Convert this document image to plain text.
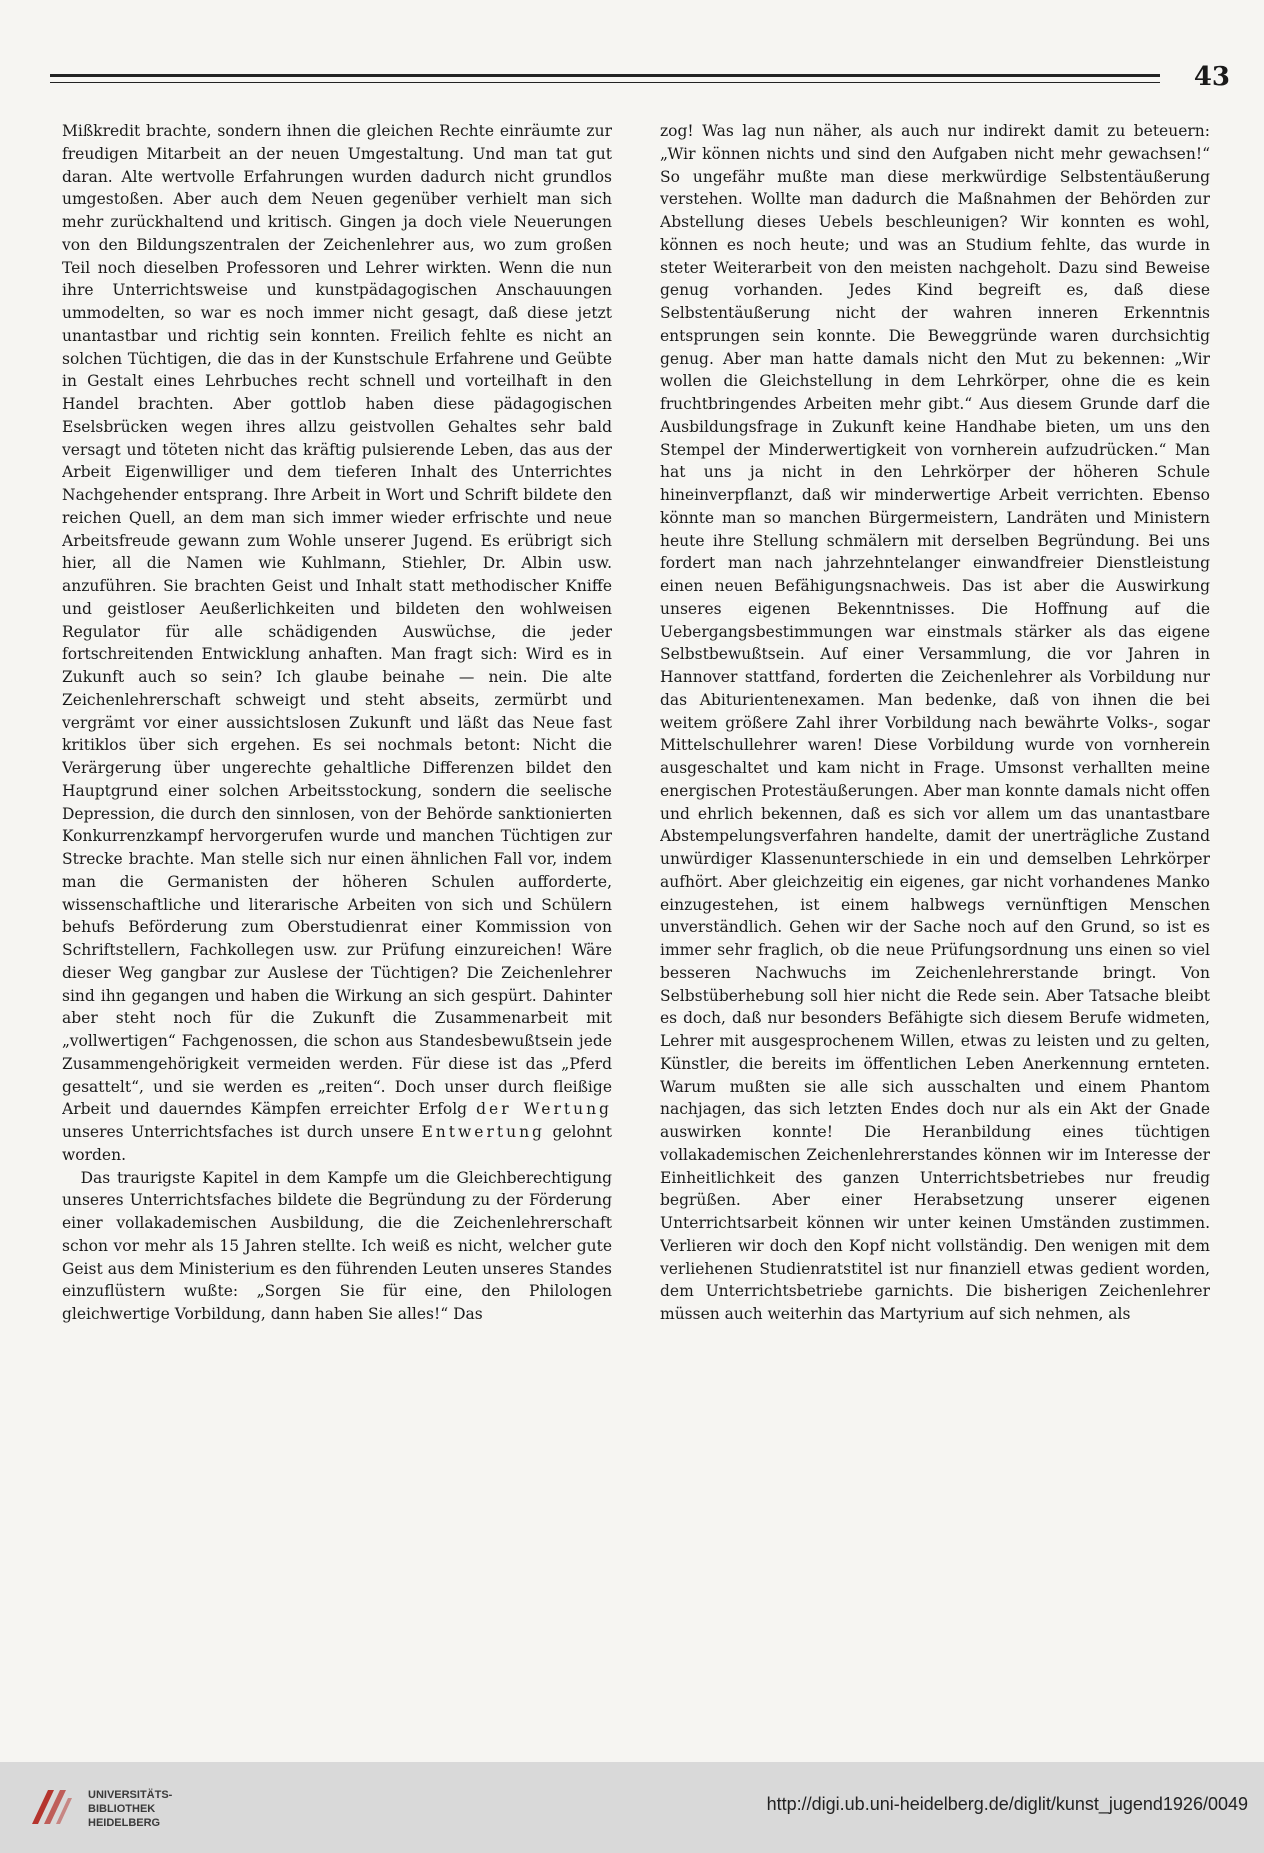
43

Mißkredit brachte, sondern ihnen die gleichen Rechte einräumte zur freudigen Mitarbeit an der neuen Umgestaltung. Und man tat gut daran. Alte wertvolle Erfahrungen wurden dadurch nicht grundlos umgestoßen. Aber auch dem Neuen gegenüber verhielt man sich mehr zurückhaltend und kritisch. Gingen ja doch viele Neuerungen von den Bildungszentralen der Zeichenlehrer aus, wo zum großen Teil noch dieselben Professoren und Lehrer wirkten. Wenn die nun ihre Unterrichtsweise und kunstpädagogischen Anschauungen ummodelten, so war es noch immer nicht gesagt, daß diese jetzt unantastbar und richtig sein konnten. Freilich fehlte es nicht an solchen Tüchtigen, die das in der Kunstschule Erfahrene und Geübte in Gestalt eines Lehrbuches recht schnell und vorteilhaft in den Handel brachten. Aber gottlob haben diese pädagogischen Eselsbrücken wegen ihres allzu geistvollen Gehaltes sehr bald versagt und töteten nicht das kräftig pulsierende Leben, das aus der Arbeit Eigenwilliger und dem tieferen Inhalt des Unterrichtes Nachgehender entsprang. Ihre Arbeit in Wort und Schrift bildete den reichen Quell, an dem man sich immer wieder erfrischte und neue Arbeitsfreude gewann zum Wohle unserer Jugend. Es erübrigt sich hier, all die Namen wie Kuhlmann, Stiehler, Dr. Albin usw. anzuführen. Sie brachten Geist und Inhalt statt methodischer Kniffe und geistloser Aeußerlichkeiten und bildeten den wohlweisen Regulator für alle schädigenden Auswüchse, die jeder fortschreitenden Entwicklung anhaften. Man fragt sich: Wird es in Zukunft auch so sein? Ich glaube beinahe — nein. Die alte Zeichenlehrerschaft schweigt und steht abseits, zermürbt und vergrämt vor einer aussichtslosen Zukunft und läßt das Neue fast kritiklos über sich ergehen. Es sei nochmals betont: Nicht die Verärgerung über ungerechte gehaltliche Differenzen bildet den Hauptgrund einer solchen Arbeitsstockung, sondern die seelische Depression, die durch den sinnlosen, von der Behörde sanktionierten Konkurrenzkampf hervorgerufen wurde und manchen Tüchtigen zur Strecke brachte. Man stelle sich nur einen ähnlichen Fall vor, indem man die Germanisten der höheren Schulen aufforderte, wissenschaftliche und literarische Arbeiten von sich und Schülern behufs Beförderung zum Oberstudienrat einer Kommission von Schriftstellern, Fachkollegen usw. zur Prüfung einzureichen! Wäre dieser Weg gangbar zur Auslese der Tüchtigen? Die Zeichenlehrer sind ihn gegangen und haben die Wirkung an sich gespürt. Dahinter aber steht noch für die Zukunft die Zusammenarbeit mit „vollwertigen“ Fachgenossen, die schon aus Standesbewußtsein jede Zusammengehörigkeit vermeiden werden. Für diese ist das „Pferd gesattelt“, und sie werden es „reiten“. Doch unser durch fleißige Arbeit und dauerndes Kämpfen erreichter Erfolg der Wertung unseres Unterrichtsfaches ist durch unsere Entwertung gelohnt worden.

Das traurigste Kapitel in dem Kampfe um die Gleichberechtigung unseres Unterrichtsfaches bildete die Begründung zu der Förderung einer vollakademischen Ausbildung, die die Zeichenlehrerschaft schon vor mehr als 15 Jahren stellte. Ich weiß es nicht, welcher gute Geist aus dem Ministerium es den führenden Leuten unseres Standes einzuflüstern wußte: „Sorgen Sie für eine, den Philologen gleichwertige Vorbildung, dann haben Sie alles!“ Das

zog! Was lag nun näher, als auch nur indirekt damit zu beteuern: „Wir können nichts und sind den Aufgaben nicht mehr gewachsen!“ So ungefähr mußte man diese merkwürdige Selbstentäußerung verstehen. Wollte man dadurch die Maßnahmen der Behörden zur Abstellung dieses Uebels beschleunigen? Wir konnten es wohl, können es noch heute; und was an Studium fehlte, das wurde in steter Weiterarbeit von den meisten nachgeholt. Dazu sind Beweise genug vorhanden. Jedes Kind begreift es, daß diese Selbstentäußerung nicht der wahren inneren Erkenntnis entsprungen sein konnte. Die Beweggründe waren durchsichtig genug. Aber man hatte damals nicht den Mut zu bekennen: „Wir wollen die Gleichstellung in dem Lehrkörper, ohne die es kein fruchtbringendes Arbeiten mehr gibt.“ Aus diesem Grunde darf die Ausbildungsfrage in Zukunft keine Handhabe bieten, um uns den Stempel der Minderwertigkeit von vornherein aufzudrücken.“ Man hat uns ja nicht in den Lehrkörper der höheren Schule hineinverpflanzt, daß wir minderwertige Arbeit verrichten. Ebenso könnte man so manchen Bürgermeistern, Landräten und Ministern heute ihre Stellung schmälern mit derselben Begründung. Bei uns fordert man nach jahrzehntelanger einwandfreier Dienstleistung einen neuen Befähigungsnachweis. Das ist aber die Auswirkung unseres eigenen Bekenntnisses. Die Hoffnung auf die Uebergangsbestimmungen war einstmals stärker als das eigene Selbstbewußtsein. Auf einer Versammlung, die vor Jahren in Hannover stattfand, forderten die Zeichenlehrer als Vorbildung nur das Abiturientenexamen. Man bedenke, daß von ihnen die bei weitem größere Zahl ihrer Vorbildung nach bewährte Volks-, sogar Mittelschullehrer waren! Diese Vorbildung wurde von vornherein ausgeschaltet und kam nicht in Frage. Umsonst verhallten meine energischen Protestäußerungen. Aber man konnte damals nicht offen und ehrlich bekennen, daß es sich vor allem um das unantastbare Abstempelungsverfahren handelte, damit der unerträgliche Zustand unwürdiger Klassenunterschiede in ein und demselben Lehrkörper aufhört. Aber gleichzeitig ein eigenes, gar nicht vorhandenes Manko einzugestehen, ist einem halbwegs vernünftigen Menschen unverständlich. Gehen wir der Sache noch auf den Grund, so ist es immer sehr fraglich, ob die neue Prüfungsordnung uns einen so viel besseren Nachwuchs im Zeichenlehrerstande bringt. Von Selbstüberhebung soll hier nicht die Rede sein. Aber Tatsache bleibt es doch, daß nur besonders Befähigte sich diesem Berufe widmeten, Lehrer mit ausgesprochenem Willen, etwas zu leisten und zu gelten, Künstler, die bereits im öffentlichen Leben Anerkennung ernteten. Warum mußten sie alle sich ausschalten und einem Phantom nachjagen, das sich letzten Endes doch nur als ein Akt der Gnade auswirken konnte! Die Heranbildung eines tüchtigen vollakademischen Zeichenlehrerstandes können wir im Interesse der Einheitlichkeit des ganzen Unterrichtsbetriebes nur freudig begrüßen. Aber einer Herabsetzung unserer eigenen Unterrichtsarbeit können wir unter keinen Umständen zustimmen. Verlieren wir doch den Kopf nicht vollständig. Den wenigen mit dem verliehenen Studienratstitel ist nur finanziell etwas gedient worden, dem Unterrichtsbetriebe garnichts. Die bisherigen Zeichenlehrer müssen auch weiterhin das Martyrium auf sich nehmen, als

UNIVERSITÄTS-
BIBLIOTHEK
HEIDELBERG
http://digi.ub.uni-heidelberg.de/diglit/kunst_jugend1926/0049
